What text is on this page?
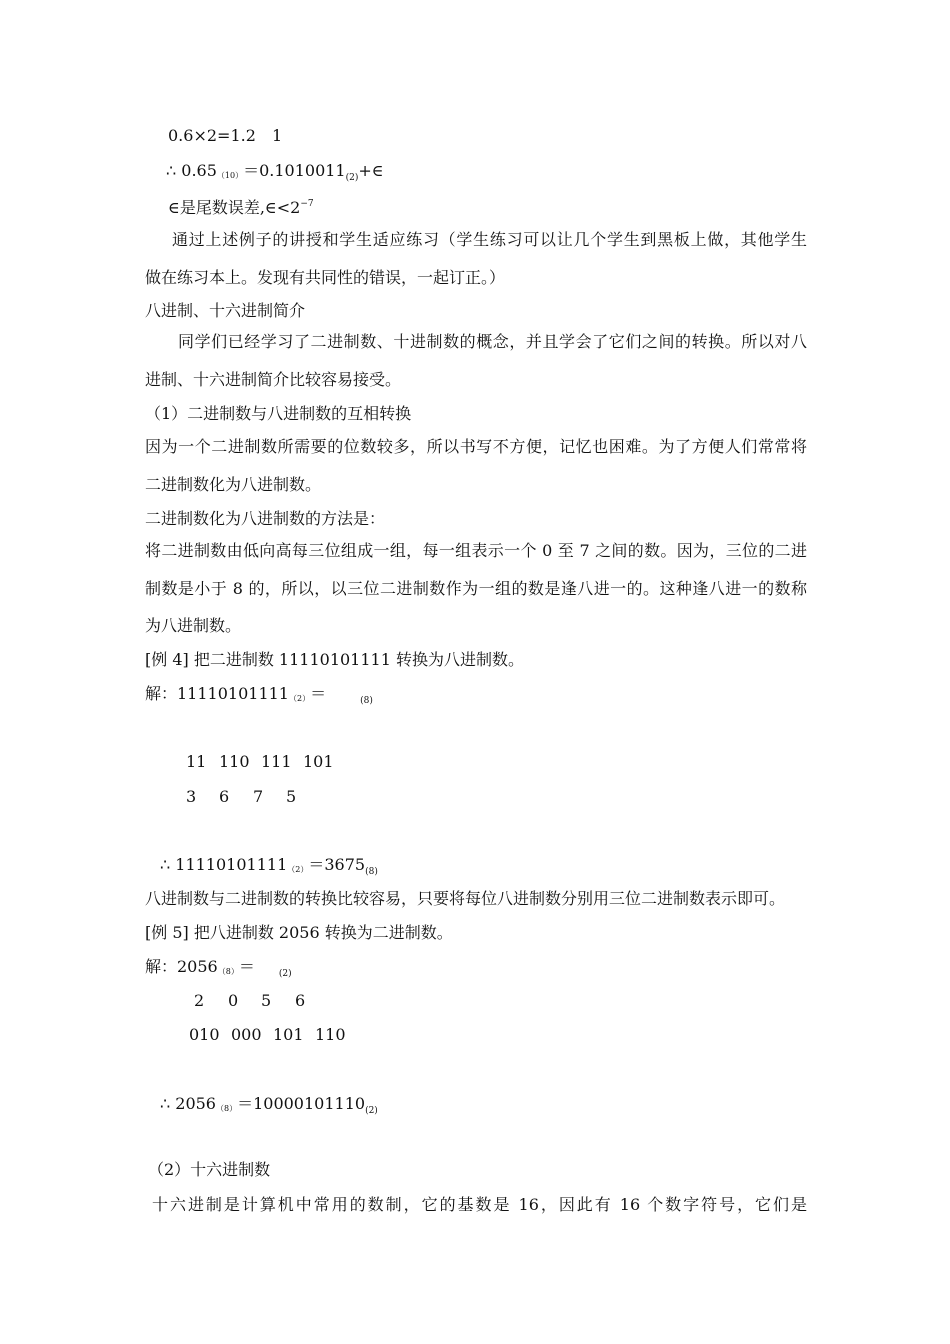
0.6×2=1.2 1
∴ $0.65_{(10)}=0.1010011_{(2)}+\in$
∈是尾数误差$,\in<2^{-7}$
通过上述例子的讲授和学生适应练习（学生练习可以让几个学生到黑板上做，其他学生
做在练习本上。发现有共同性的错误，一起订正。）
八进制、十六进制简介
同学们已经学习了二进制数、十进制数的概念，并且学会了它们之间的转换。所以对八
进制、十六进制简介比较容易接受。
（1）二进制数与八进制数的互相转换
因为一个二进制数所需要的位数较多，所以书写不方便，记忆也困难。为了方便人们常常将
二进制数化为八进制数。
二进制数化为八进制数的方法是：
将二进制数由低向高每三位组成一组，每一组表示一个 0 至 7 之间的数。因为，三位的二进
制数是小于 8 的，所以，以三位二进制数作为一组的数是逢八进一的。这种逢八进一的数称
为八进制数。
[例 4] 把二进制数 11110101111 转换为八进制数。
解：$11110101111_{(2)}=$	$_{(8)}$
11 110 111 101
3 6 7 5
∴ $11110101111_{(2)}=3675_{(8)}$
八进制数与二进制数的转换比较容易，只要将每位八进制数分别用三位二进制数表示即可。
[例 5] 把八进制数 2056 转换为二进制数。
解：$2056_{(8)}=$	$_{(2)}$
2 0 5 6
010 000 101 110
∴ $2056_{(8)}=10000101110_{(2)}$
（2）十六进制数
十六进制是计算机中常用的数制，它的基数是 16，因此有 16 个数字符号，它们是
